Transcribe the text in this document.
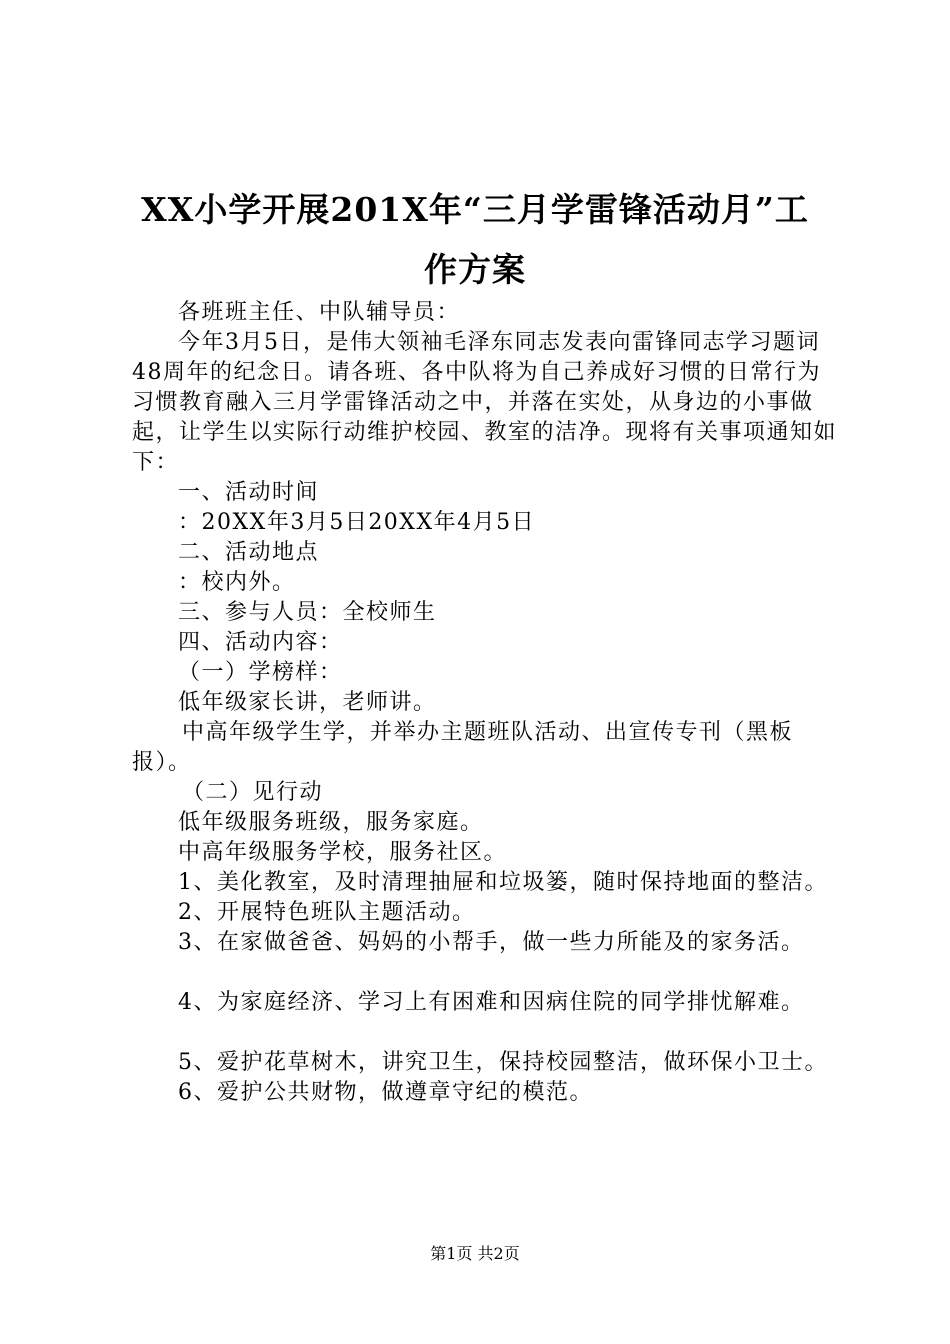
XX小学开展201X年“三月学雷锋活动月”工
作方案

各班班主任、中队辅导员：

今年3月5日，是伟大领袖毛泽东同志发表向雷锋同志学习题词48周年的纪念日。请各班、各中队将为自己养成好习惯的日常行为习惯教育融入三月学雷锋活动之中，并落在实处，从身边的小事做起，让学生以实际行动维护校园、教室的洁净。现将有关事项通知如下：

一、活动时间

：20XX年3月5日20XX年4月5日

二、活动地点

：校内外。

三、参与人员：全校师生

四、活动内容：

（一）学榜样：

低年级家长讲，老师讲。

中高年级学生学，并举办主题班队活动、出宣传专刊（黑板报）。

（二）见行动

低年级服务班级，服务家庭。

中高年级服务学校，服务社区。

1、美化教室，及时清理抽屉和垃圾篓，随时保持地面的整洁。

2、开展特色班队主题活动。

3、在家做爸爸、妈妈的小帮手，做一些力所能及的家务活。

4、为家庭经济、学习上有困难和因病住院的同学排忧解难。

5、爱护花草树木，讲究卫生，保持校园整洁，做环保小卫士。

6、爱护公共财物，做遵章守纪的模范。

第1页 共2页
